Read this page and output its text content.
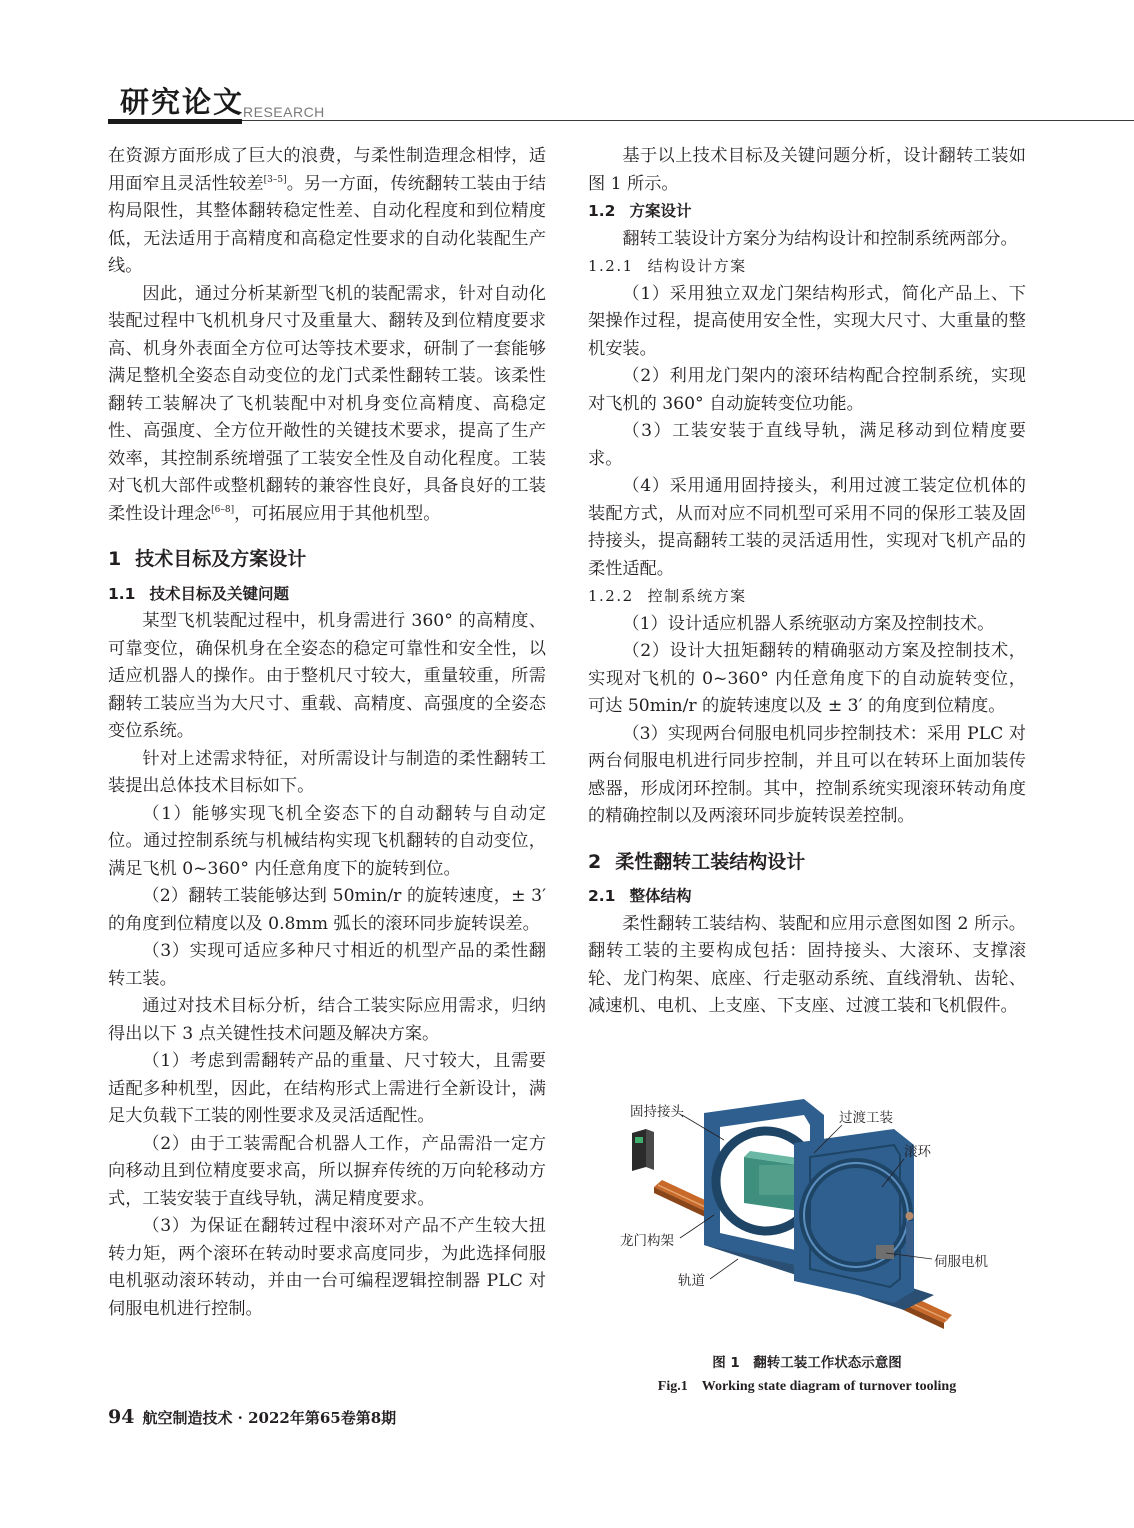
研究论文
RESEARCH

在资源方面形成了巨大的浪费，与柔性制造理念相悖，适用面窄且灵活性较差[3–5]。另一方面，传统翻转工装由于结构局限性，其整体翻转稳定性差、自动化程度和到位精度低，无法适用于高精度和高稳定性要求的自动化装配生产线。

因此，通过分析某新型飞机的装配需求，针对自动化装配过程中飞机机身尺寸及重量大、翻转及到位精度要求高、机身外表面全方位可达等技术要求，研制了一套能够满足整机全姿态自动变位的龙门式柔性翻转工装。该柔性翻转工装解决了飞机装配中对机身变位高精度、高稳定性、高强度、全方位开敞性的关键技术要求，提高了生产效率，其控制系统增强了工装安全性及自动化程度。工装对飞机大部件或整机翻转的兼容性良好，具备良好的工装柔性设计理念[6–8]，可拓展应用于其他机型。

1 技术目标及方案设计
1.1 技术目标及关键问题

某型飞机装配过程中，机身需进行 360° 的高精度、可靠变位，确保机身在全姿态的稳定可靠性和安全性，以适应机器人的操作。由于整机尺寸较大，重量较重，所需翻转工装应当为大尺寸、重载、高精度、高强度的全姿态变位系统。

针对上述需求特征，对所需设计与制造的柔性翻转工装提出总体技术目标如下。

（1）能够实现飞机全姿态下的自动翻转与自动定位。通过控制系统与机械结构实现飞机翻转的自动变位，满足飞机 0~360° 内任意角度下的旋转到位。

（2）翻转工装能够达到 50min/r 的旋转速度，± 3′ 的角度到位精度以及 0.8mm 弧长的滚环同步旋转误差。

（3）实现可适应多种尺寸相近的机型产品的柔性翻转工装。

通过对技术目标分析，结合工装实际应用需求，归纳得出以下 3 点关键性技术问题及解决方案。

（1）考虑到需翻转产品的重量、尺寸较大，且需要适配多种机型，因此，在结构形式上需进行全新设计，满足大负载下工装的刚性要求及灵活适配性。

（2）由于工装需配合机器人工作，产品需沿一定方向移动且到位精度要求高，所以摒弃传统的万向轮移动方式，工装安装于直线导轨，满足精度要求。

（3）为保证在翻转过程中滚环对产品不产生较大扭转力矩，两个滚环在转动时要求高度同步，为此选择伺服电机驱动滚环转动，并由一台可编程逻辑控制器 PLC 对伺服电机进行控制。

基于以上技术目标及关键问题分析，设计翻转工装如图 1 所示。

1.2 方案设计

翻转工装设计方案分为结构设计和控制系统两部分。

1.2.1 结构设计方案

（1）采用独立双龙门架结构形式，简化产品上、下架操作过程，提高使用安全性，实现大尺寸、大重量的整机安装。

（2）利用龙门架内的滚环结构配合控制系统，实现对飞机的 360° 自动旋转变位功能。

（3）工装安装于直线导轨，满足移动到位精度要求。

（4）采用通用固持接头，利用过渡工装定位机体的装配方式，从而对应不同机型可采用不同的保形工装及固持接头，提高翻转工装的灵活适用性，实现对飞机产品的柔性适配。

1.2.2 控制系统方案

（1）设计适应机器人系统驱动方案及控制技术。

（2）设计大扭矩翻转的精确驱动方案及控制技术，实现对飞机的 0~360° 内任意角度下的自动旋转变位，可达 50min/r 的旋转速度以及 ± 3′ 的角度到位精度。

（3）实现两台伺服电机同步控制技术：采用 PLC 对两台伺服电机进行同步控制，并且可以在转环上面加装传感器，形成闭环控制。其中，控制系统实现滚环转动角度的精确控制以及两滚环同步旋转误差控制。

2 柔性翻转工装结构设计
2.1 整体结构

柔性翻转工装结构、装配和应用示意图如图 2 所示。翻转工装的主要构成包括：固持接头、大滚环、支撑滚轮、龙门构架、底座、行走驱动系统、直线滑轨、齿轮、减速机、电机、上支座、下支座、过渡工装和飞机假件。

固持接头	过渡工装
滚环
龙门构架
伺服电机
轨道
图 1　翻转工装工作状态示意图
Fig.1　Working state diagram of turnover tooling
94 航空制造技术 · 2022年第65卷第8期
